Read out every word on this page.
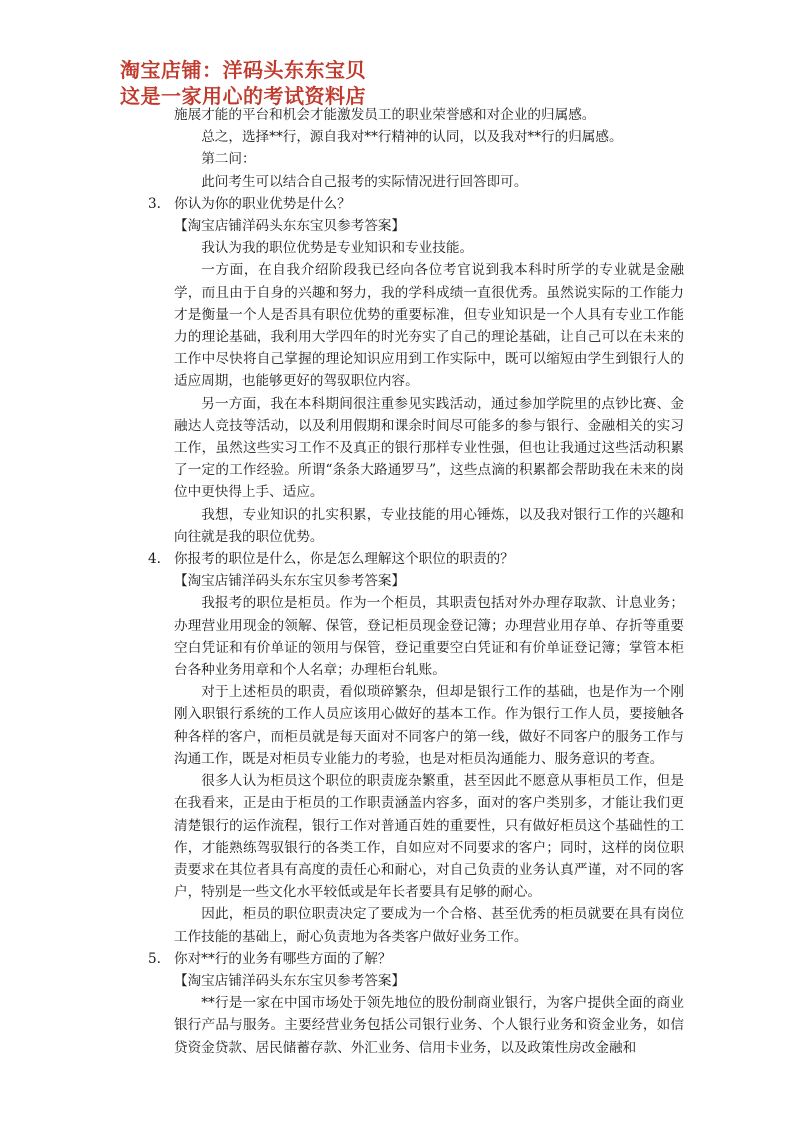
淘宝店铺：洋码头东东宝贝
这是一家用心的考试资料店

施展才能的平台和机会才能激发员工的职业荣誉感和对企业的归属感。

总之，选择**行，源自我对**行精神的认同，以及我对**行的归属感。

第二问：

此问考生可以结合自己报考的实际情况进行回答即可。

3. 你认为你的职业优势是什么？

【淘宝店铺洋码头东东宝贝参考答案】

我认为我的职位优势是专业知识和专业技能。

一方面，在自我介绍阶段我已经向各位考官说到我本科时所学的专业就是金融学，而且由于自身的兴趣和努力，我的学科成绩一直很优秀。虽然说实际的工作能力才是衡量一个人是否具有职位优势的重要标准，但专业知识是一个人具有专业工作能力的理论基础，我利用大学四年的时光夯实了自己的理论基础，让自己可以在未来的工作中尽快将自己掌握的理论知识应用到工作实际中，既可以缩短由学生到银行人的适应周期，也能够更好的驾驭职位内容。

另一方面，我在本科期间很注重参见实践活动，通过参加学院里的点钞比赛、金融达人竞技等活动，以及利用假期和课余时间尽可能多的参与银行、金融相关的实习工作，虽然这些实习工作不及真正的银行那样专业性强，但也让我通过这些活动积累了一定的工作经验。所谓“条条大路通罗马”，这些点滴的积累都会帮助我在未来的岗位中更快得上手、适应。

我想，专业知识的扎实积累，专业技能的用心锤炼，以及我对银行工作的兴趣和向往就是我的职位优势。

4. 你报考的职位是什么，你是怎么理解这个职位的职责的？

【淘宝店铺洋码头东东宝贝参考答案】

我报考的职位是柜员。作为一个柜员，其职责包括对外办理存取款、计息业务；办理营业用现金的领解、保管，登记柜员现金登记簿；办理营业用存单、存折等重要空白凭证和有价单证的领用与保管，登记重要空白凭证和有价单证登记簿；掌管本柜台各种业务用章和个人名章；办理柜台轧账。

对于上述柜员的职责，看似琐碎繁杂，但却是银行工作的基础，也是作为一个刚刚入职银行系统的工作人员应该用心做好的基本工作。作为银行工作人员，要接触各种各样的客户，而柜员就是每天面对不同客户的第一线，做好不同客户的服务工作与沟通工作，既是对柜员专业能力的考验，也是对柜员沟通能力、服务意识的考查。

很多人认为柜员这个职位的职责庞杂繁重，甚至因此不愿意从事柜员工作，但是在我看来，正是由于柜员的工作职责涵盖内容多，面对的客户类别多，才能让我们更清楚银行的运作流程，银行工作对普通百姓的重要性，只有做好柜员这个基础性的工作，才能熟练驾驭银行的各类工作，自如应对不同要求的客户；同时，这样的岗位职责要求在其位者具有高度的责任心和耐心，对自己负责的业务认真严谨，对不同的客户，特别是一些文化水平较低或是年长者要具有足够的耐心。

因此，柜员的职位职责决定了要成为一个合格、甚至优秀的柜员就要在具有岗位工作技能的基础上，耐心负责地为各类客户做好业务工作。

5. 你对**行的业务有哪些方面的了解？

【淘宝店铺洋码头东东宝贝参考答案】

**行是一家在中国市场处于领先地位的股份制商业银行，为客户提供全面的商业银行产品与服务。主要经营业务包括公司银行业务、个人银行业务和资金业务，如信贷资金贷款、居民储蓄存款、外汇业务、信用卡业务，以及政策性房改金融和
